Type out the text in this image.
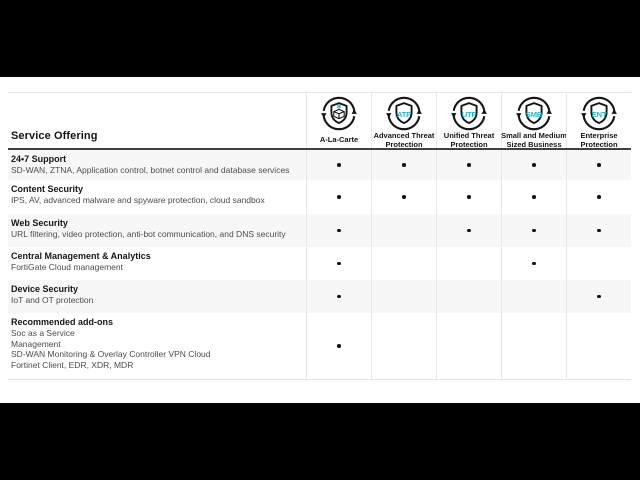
Service Offering	A-La-Carte
ATP
Advanced Threat
Protection
UTP
Unified Threat
Protection
SMB
Small and Medium
Sized Business
ENT
Enterprise
Protection
24•7 Support
SD-WAN, ZTNA, Application control, botnet control and database services
Content Security
IPS, AV, advanced malware and spyware protection, cloud sandbox
Web Security
URL filtering, video protection, anti-bot communication, and DNS security
Central Management & Analytics
FortiGate Cloud management
Device Security
IoT and OT protection
Recommended add-ons
Soc as a Service
Management
SD-WAN Monitoring & Overlay Controller VPN Cloud
Fortinet Client, EDR, XDR, MDR
